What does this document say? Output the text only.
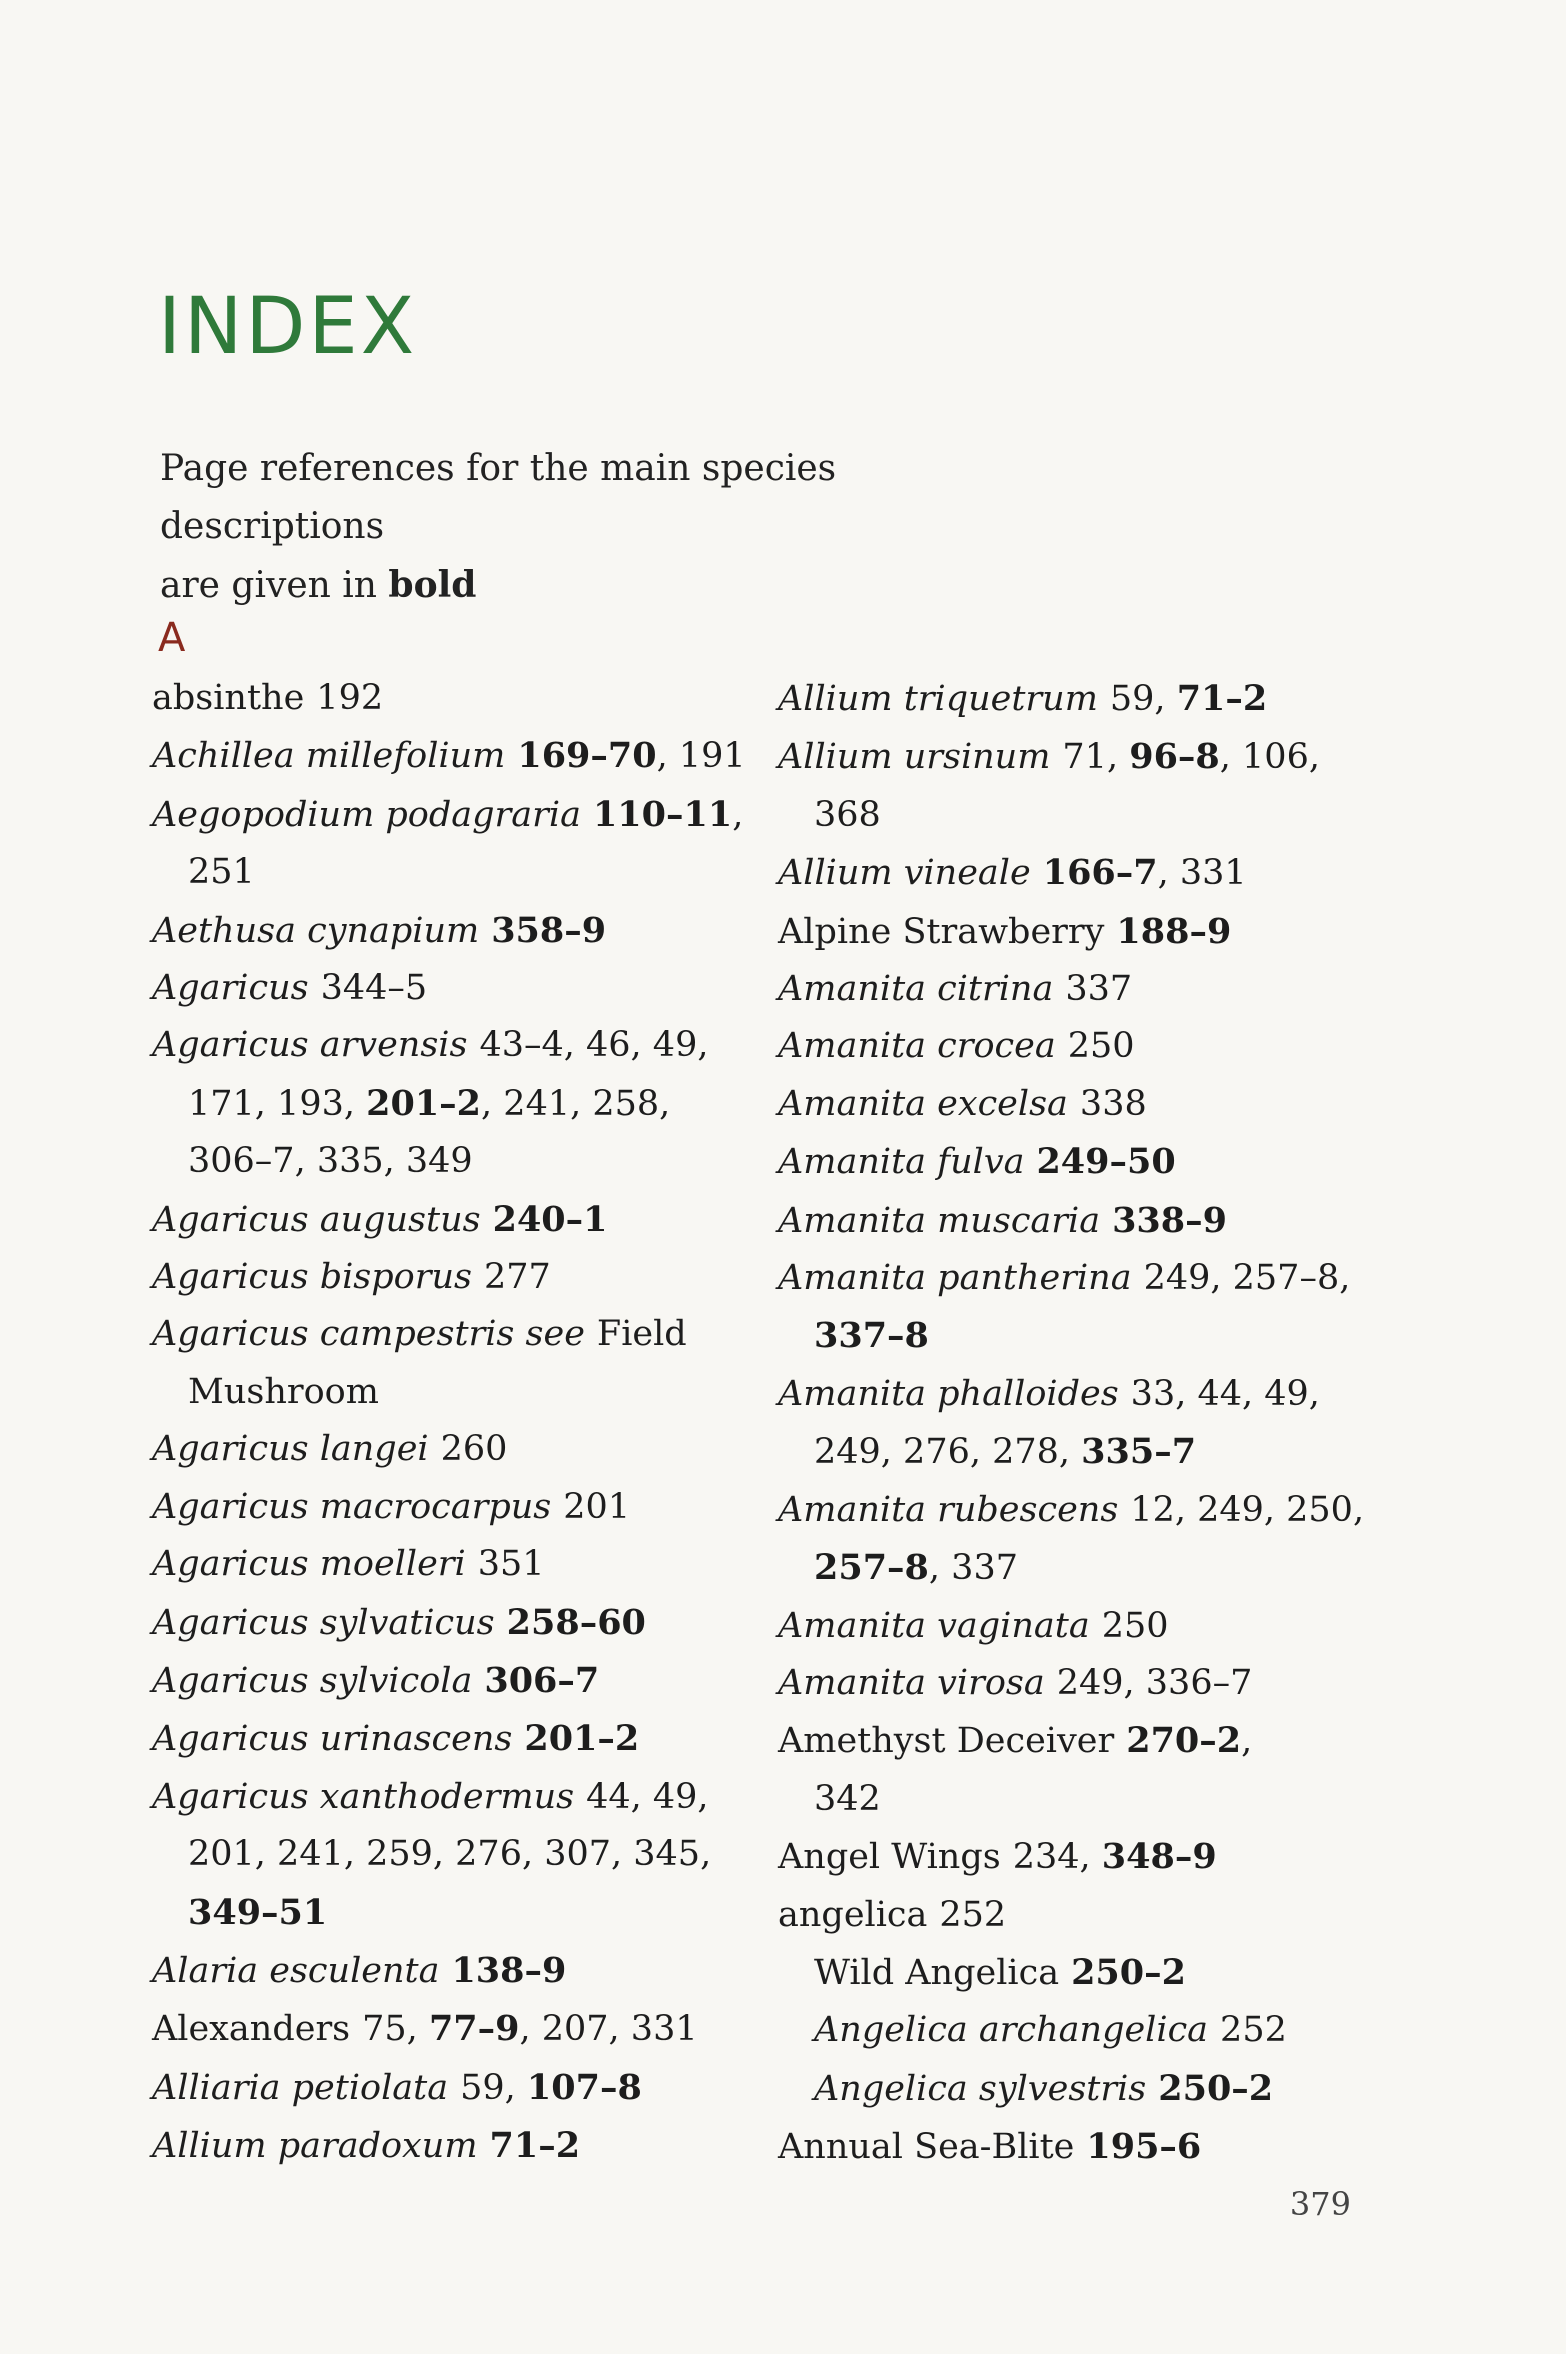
INDEX
Page references for the main species descriptions
are given in bold
A
absinthe 192
Achillea millefolium 169–70, 191
Aegopodium podagraria 110–11,
251
Aethusa cynapium 358–9
Agaricus 344–5
Agaricus arvensis 43–4, 46, 49,
171, 193, 201–2, 241, 258,
306–7, 335, 349
Agaricus augustus 240–1
Agaricus bisporus 277
Agaricus campestris see Field
Mushroom
Agaricus langei 260
Agaricus macrocarpus 201
Agaricus moelleri 351
Agaricus sylvaticus 258–60
Agaricus sylvicola 306–7
Agaricus urinascens 201–2
Agaricus xanthodermus 44, 49,
201, 241, 259, 276, 307, 345,
349–51
Alaria esculenta 138–9
Alexanders 75, 77–9, 207, 331
Alliaria petiolata 59, 107–8
Allium paradoxum 71–2
Allium triquetrum 59, 71–2
Allium ursinum 71, 96–8, 106,
368
Allium vineale 166–7, 331
Alpine Strawberry 188–9
Amanita citrina 337
Amanita crocea 250
Amanita excelsa 338
Amanita fulva 249–50
Amanita muscaria 338–9
Amanita pantherina 249, 257–8,
337–8
Amanita phalloides 33, 44, 49,
249, 276, 278, 335–7
Amanita rubescens 12, 249, 250,
257–8, 337
Amanita vaginata 250
Amanita virosa 249, 336–7
Amethyst Deceiver 270–2,
342
Angel Wings 234, 348–9
angelica 252
Wild Angelica 250–2
Angelica archangelica 252
Angelica sylvestris 250–2
Annual Sea-Blite 195–6
379
